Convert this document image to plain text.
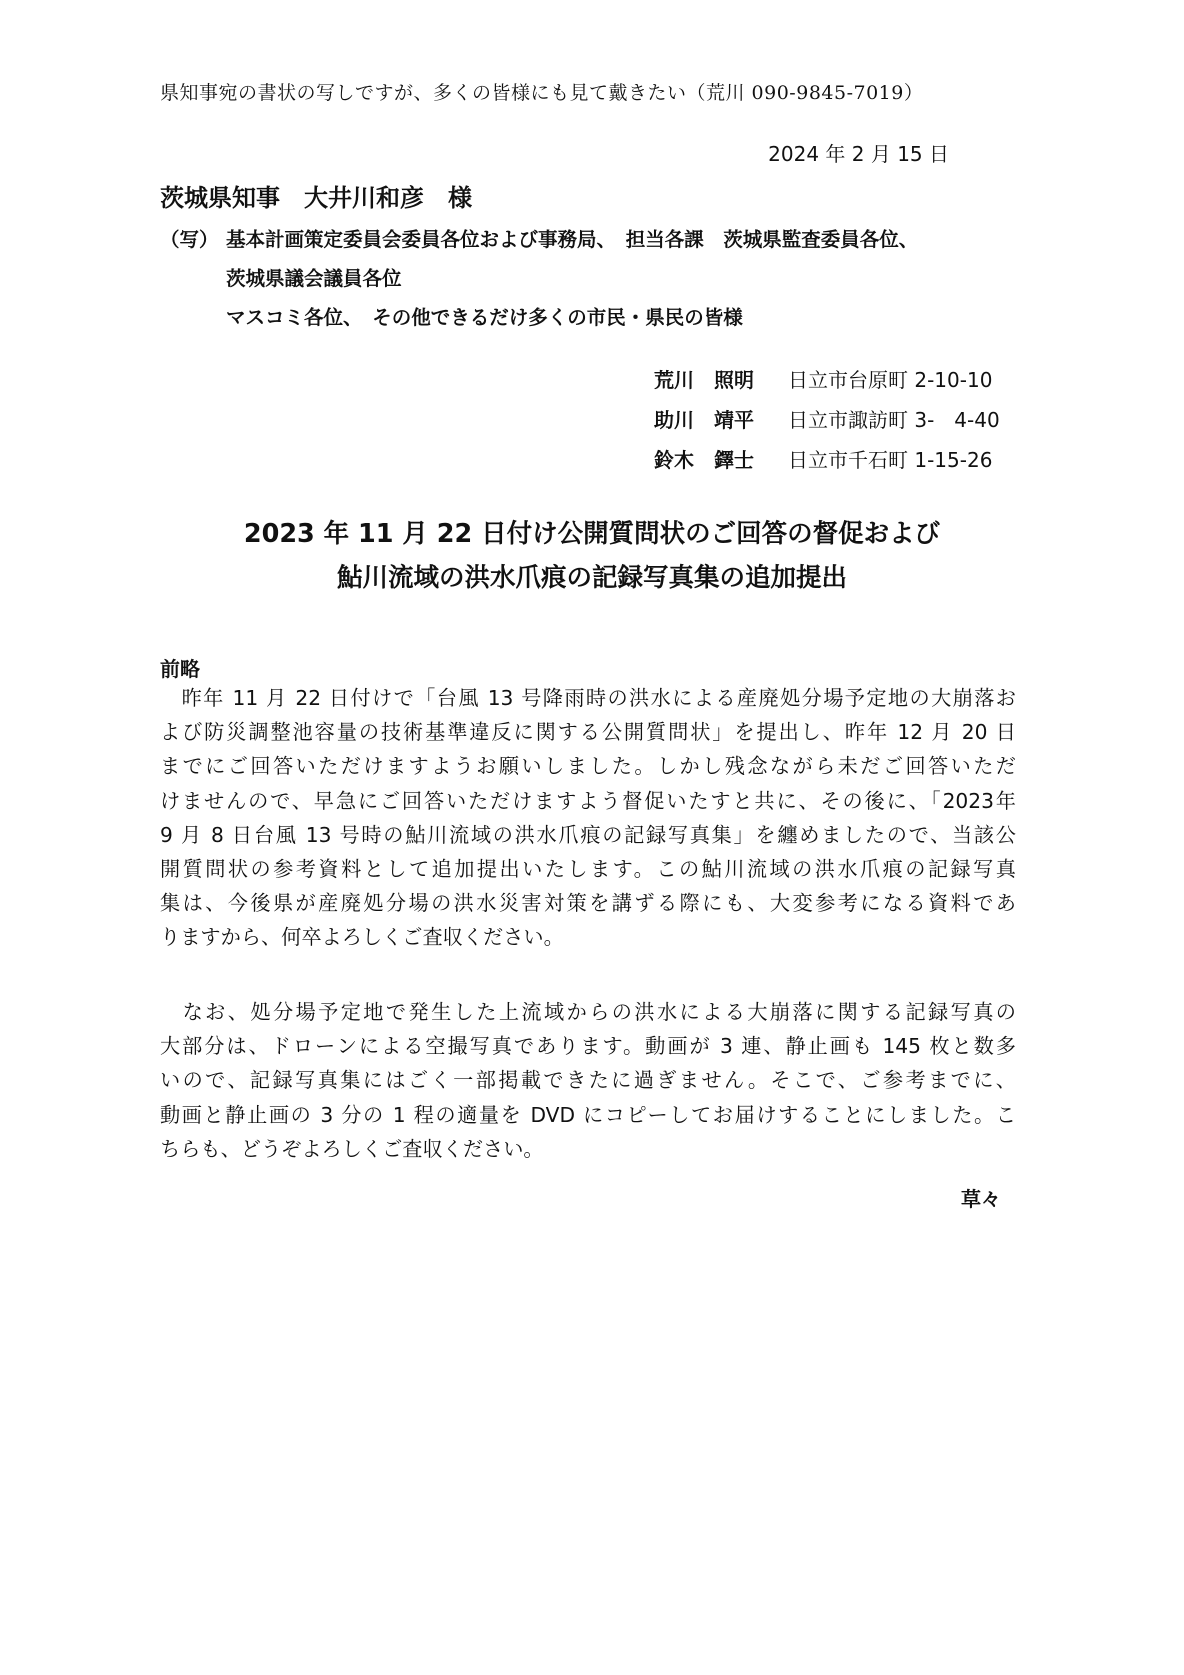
県知事宛の書状の写しですが、多くの皆様にも見て戴きたい（荒川 090-9845-7019）
2024 年 2 月 15 日
茨城県知事　大井川和彦　様
（写） 基本計画策定委員会委員各位および事務局、　担当各課　茨城県監査委員各位、
茨城県議会議員各位
マスコミ各位、　その他できるだけ多くの市民・県民の皆様
荒川　照明 日立市台原町 2-10-10
助川　靖平 日立市諏訪町 3-　4-40
鈴木　鐸士 日立市千石町 1-15-26
2023 年 11 月 22 日付け公開質問状のご回答の督促および
鮎川流域の洪水爪痕の記録写真集の追加提出
前略
　昨年 11 月 22 日付けで「台風 13 号降雨時の洪水による産廃処分場予定地の大崩落お
よび防災調整池容量の技術基準違反に関する公開質問状」を提出し、昨年 12 月 20 日
までにご回答いただけますようお願いしました。しかし残念ながら未だご回答いただ
けませんので、早急にご回答いただけますよう督促いたすと共に、その後に、「2023年
9 月 8 日台風 13 号時の鮎川流域の洪水爪痕の記録写真集」を纏めましたので、当該公
開質問状の参考資料として追加提出いたします。この鮎川流域の洪水爪痕の記録写真
集は、今後県が産廃処分場の洪水災害対策を講ずる際にも、大変参考になる資料であ
りますから、何卒よろしくご査収ください。
　なお、処分場予定地で発生した上流域からの洪水による大崩落に関する記録写真の
大部分は、ドローンによる空撮写真であります。動画が 3 連、静止画も 145 枚と数多
いので、記録写真集にはごく一部掲載できたに過ぎません。そこで、ご参考までに、
動画と静止画の 3 分の 1 程の適量を DVD にコピーしてお届けすることにしました。こ
ちらも、どうぞよろしくご査収ください。
草々
